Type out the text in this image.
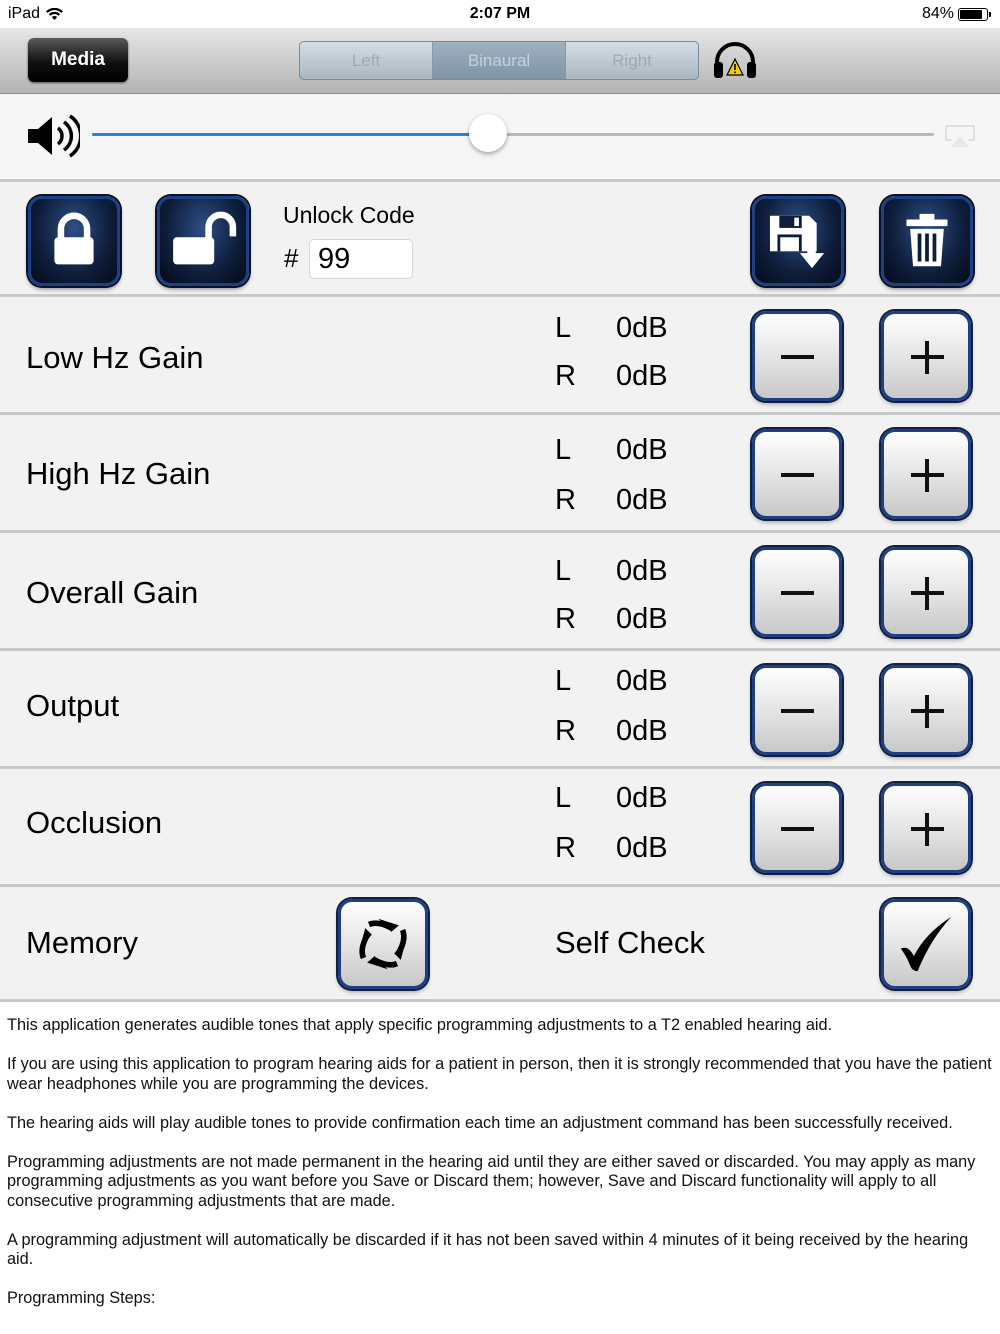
iPad	2:07 PM	84%
Media	Left	Binaural	Right
Unlock Code
# 99
Low Hz Gain
L 0dB
R 0dB
High Hz Gain
L 0dB
R 0dB
Overall Gain
L 0dB
R 0dB
Output
L 0dB
R 0dB
Occlusion
L 0dB
R 0dB
Memory	Self Check

This application generates audible tones that apply specific programming adjustments to a T2 enabled hearing aid.

If you are using this application to program hearing aids for a patient in person, then it is strongly recommended that you have the patient wear headphones while you are programming the devices.

The hearing aids will play audible tones to provide confirmation each time an adjustment command has been successfully received.

Programming adjustments are not made permanent in the hearing aid until they are either saved or discarded. You may apply as many programming adjustments as you want before you Save or Discard them; however, Save and Discard functionality will apply to all consecutive programming adjustments that are made.

A programming adjustment will automatically be discarded if it has not been saved within 4 minutes of it being received by the hearing aid.

Programming Steps:
